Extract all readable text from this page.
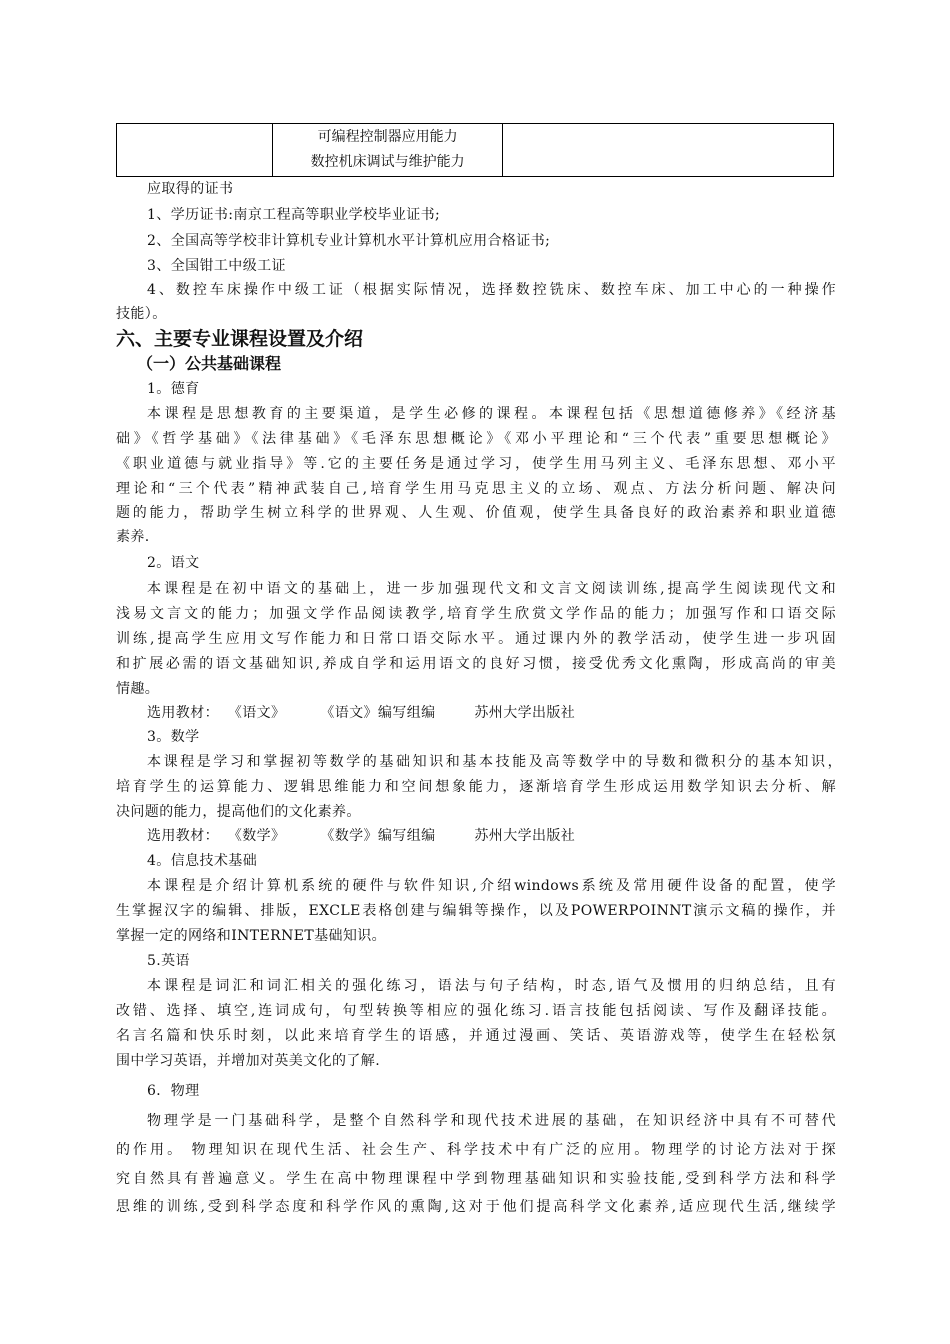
可编程控制器应用能力
数控机床调试与维护能力

应取得的证书
1、学历证书:南京工程高等职业学校毕业证书;
2、全国高等学校非计算机专业计算机水平计算机应用合格证书;
3、全国钳工中级工证
4、数控车床操作中级工证（根据实际情况，选择数控铣床、数控车床、加工中心的一种操作
技能）。
六、主要专业课程设置及介绍
（一）公共基础课程
1。德育
本课程是思想教育的主要渠道，是学生必修的课程。本课程包括《思想道德修养》《经济基
础》《哲学基础》《法律基础》《毛泽东思想概论》《邓小平理论和“三个代表”重要思想概论》
《职业道德与就业指导》等.它的主要任务是通过学习，使学生用马列主义、毛泽东思想、邓小平
理论和“三个代表”精神武装自己,培育学生用马克思主义的立场、观点、方法分析问题、解决问
题的能力，帮助学生树立科学的世界观、人生观、价值观，使学生具备良好的政治素养和职业道德
素养.
2。语文
本课程是在初中语文的基础上，进一步加强现代文和文言文阅读训练,提高学生阅读现代文和
浅易文言文的能力；加强文学作品阅读教学,培育学生欣赏文学作品的能力；加强写作和口语交际
训练,提高学生应用文写作能力和日常口语交际水平。通过课内外的教学活动，使学生进一步巩固
和扩展必需的语文基础知识,养成自学和运用语文的良好习惯，接受优秀文化熏陶，形成高尚的审美
情趣。
选用教材： 《语文》 《语文》编写组编	苏州大学出版社
3。数学
本课程是学习和掌握初等数学的基础知识和基本技能及高等数学中的导数和微积分的基本知识，
培育学生的运算能力、逻辑思维能力和空间想象能力，逐渐培育学生形成运用数学知识去分析、解
决问题的能力，提高他们的文化素养。
选用教材： 《数学》 《数学》编写组编	苏州大学出版社
4。信息技术基础
本课程是介绍计算机系统的硬件与软件知识,介绍windows系统及常用硬件设备的配置，使学
生掌握汉字的编辑、排版，EXCLE表格创建与编辑等操作，以及POWERPOINNT演示文稿的操作，并
掌握一定的网络和INTERNET基础知识。
5.英语
本课程是词汇和词汇相关的强化练习，语法与句子结构，时态,语气及惯用的归纳总结，且有
改错、选择、填空,连词成句，句型转换等相应的强化练习.语言技能包括阅读、写作及翻译技能。
名言名篇和快乐时刻，以此来培育学生的语感，并通过漫画、笑话、英语游戏等，使学生在轻松氛
围中学习英语，并增加对英美文化的了解.
6．物理
物理学是一门基础科学，是整个自然科学和现代技术进展的基础，在知识经济中具有不可替代
的作用。 物理知识在现代生活、社会生产、科学技术中有广泛的应用。物理学的讨论方法对于探
究自然具有普遍意义。学生在高中物理课程中学到物理基础知识和实验技能,受到科学方法和科学
思维的训练,受到科学态度和科学作风的熏陶,这对于他们提高科学文化素养,适应现代生活,继续学
